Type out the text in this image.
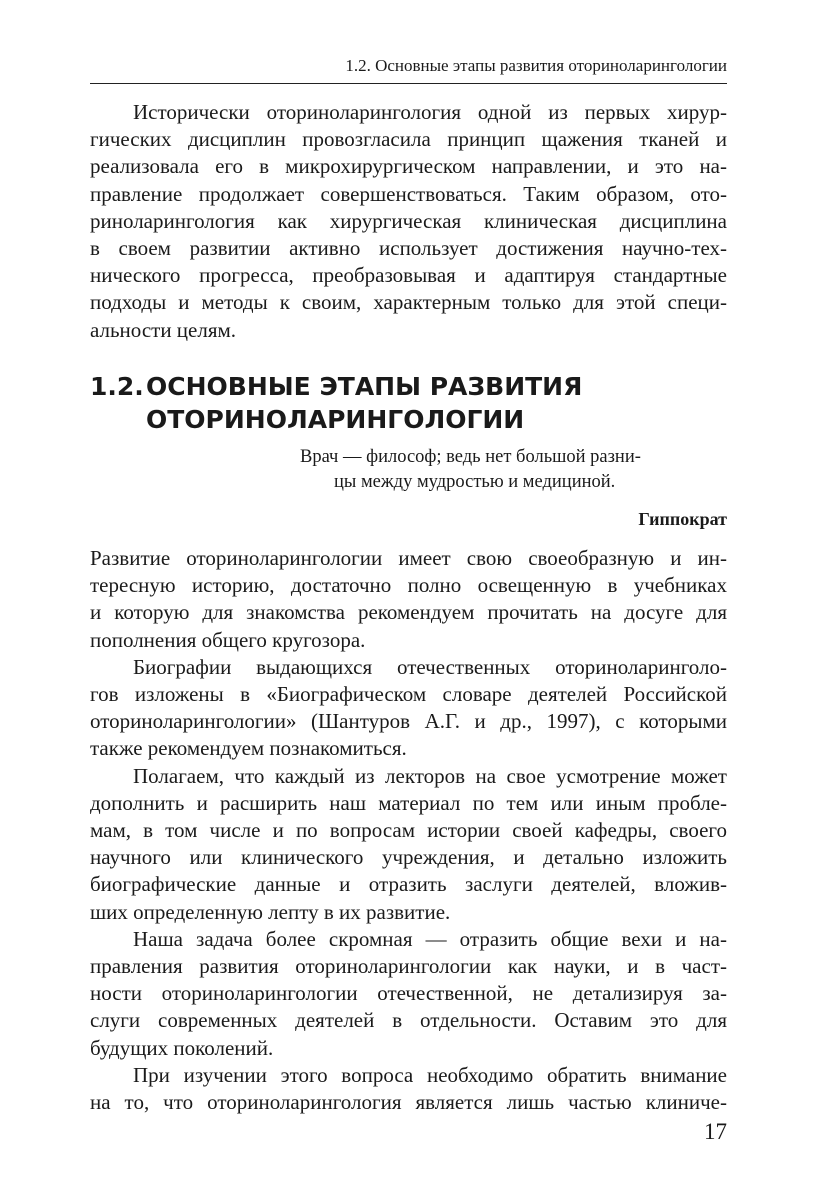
1.2. Основные этапы развития оториноларингологии
Исторически оториноларингология одной из первых хирур-
гических дисциплин провозгласила принцип щажения тканей и
реализовала его в микрохирургическом направлении, и это на-
правление продолжает совершенствоваться. Таким образом, ото-
риноларингология как хирургическая клиническая дисциплина
в своем развитии активно использует достижения научно-тех-
нического прогресса, преобразовывая и адаптируя стандартные
подходы и методы к своим, характерным только для этой специ-
альности целям.
1.2.ОСНОВНЫЕ ЭТАПЫ РАЗВИТИЯ
ОТОРИНОЛАРИНГОЛОГИИ
Врач — философ; ведь нет большой разни-
цы между мудростью и медициной.
Гиппократ
Развитие оториноларингологии имеет свою своеобразную и ин-
тересную историю, достаточно полно освещенную в учебниках
и которую для знакомства рекомендуем прочитать на досуге для
пополнения общего кругозора.
Биографии выдающихся отечественных оториноларинголо-
гов изложены в «Биографическом словаре деятелей Российской
оториноларингологии» (Шантуров А.Г. и др., 1997), с которыми
также рекомендуем познакомиться.
Полагаем, что каждый из лекторов на свое усмотрение может
дополнить и расширить наш материал по тем или иным пробле-
мам, в том числе и по вопросам истории своей кафедры, своего
научного или клинического учреждения, и детально изложить
биографические данные и отразить заслуги деятелей, вложив-
ших определенную лепту в их развитие.
Наша задача более скромная — отразить общие вехи и на-
правления развития оториноларингологии как науки, и в част-
ности оториноларингологии отечественной, не детализируя за-
слуги современных деятелей в отдельности. Оставим это для
будущих поколений.
При изучении этого вопроса необходимо обратить внимание
на то, что оториноларингология является лишь частью клиниче-
17
